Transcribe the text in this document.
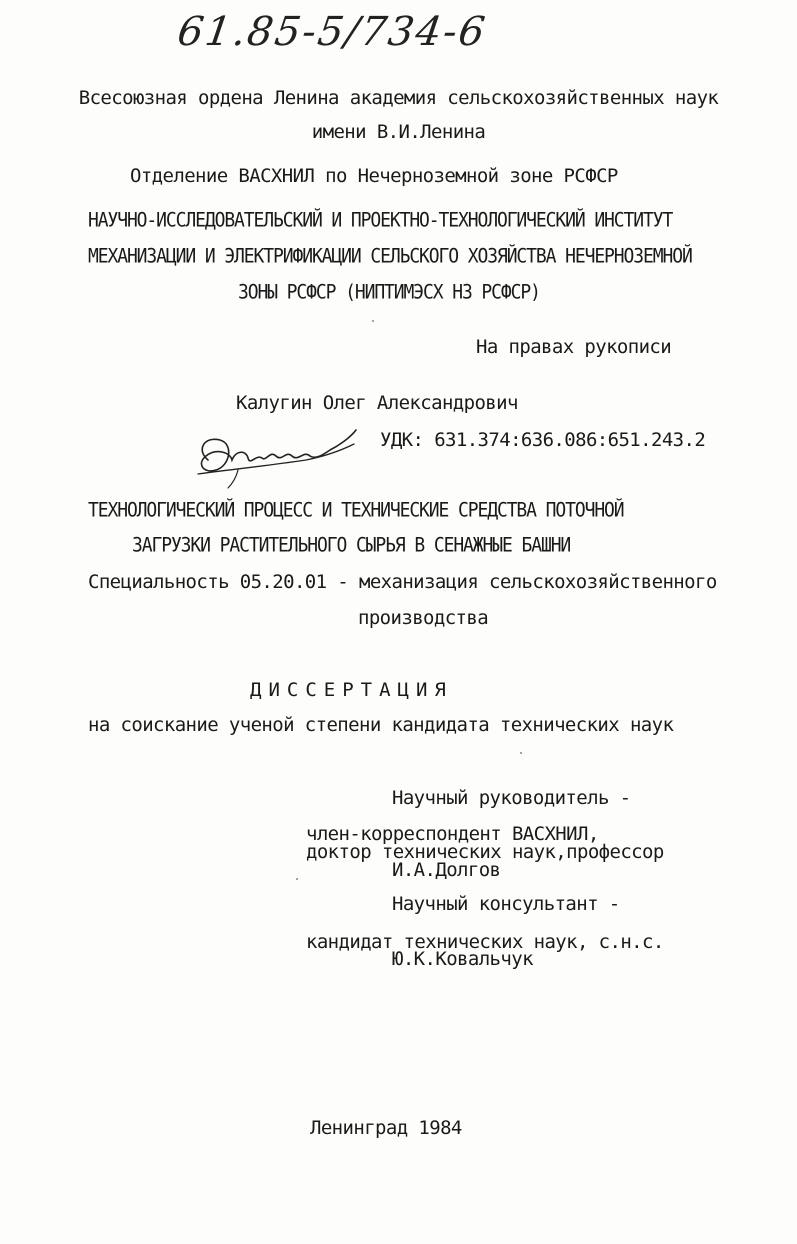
61.85-5/734-6
Всесоюзная ордена Ленина академия сельскохозяйственных наук
имени В.И.Ленина
Отделение ВАСХНИЛ по Нечерноземной зоне РСФСР
НАУЧНО-ИССЛЕДОВАТЕЛЬСКИЙ И ПРОЕКТНО-ТЕХНОЛОГИЧЕСКИЙ ИНСТИТУТ
МЕХАНИЗАЦИИ И ЭЛЕКТРИФИКАЦИИ СЕЛЬСКОГО ХОЗЯЙСТВА НЕЧЕРНОЗЕМНОЙ
ЗОНЫ РСФСР (НИПТИМЭСХ НЗ РСФСР)
На правах рукописи
Калугин Олег Александрович
УДК: 631.374:636.086:651.243.2
ТЕХНОЛОГИЧЕСКИЙ ПРОЦЕСС И ТЕХНИЧЕСКИЕ СРЕДСТВА ПОТОЧНОЙ
ЗАГРУЗКИ РАСТИТЕЛЬНОГО СЫРЬЯ В СЕНАЖНЫЕ БАШНИ
Специальность 05.20.01 - механизация сельскохозяйственного
производства
ДИССЕРТАЦИЯ
на соискание ученой степени кандидата технических наук
Научный руководитель -
член-корреспондент ВАСХНИЛ,
доктор технических наук,профессор
И.А.Долгов
Научный консультант -
кандидат технических наук, с.н.с.
Ю.К.Ковальчук
Ленинград 1984
